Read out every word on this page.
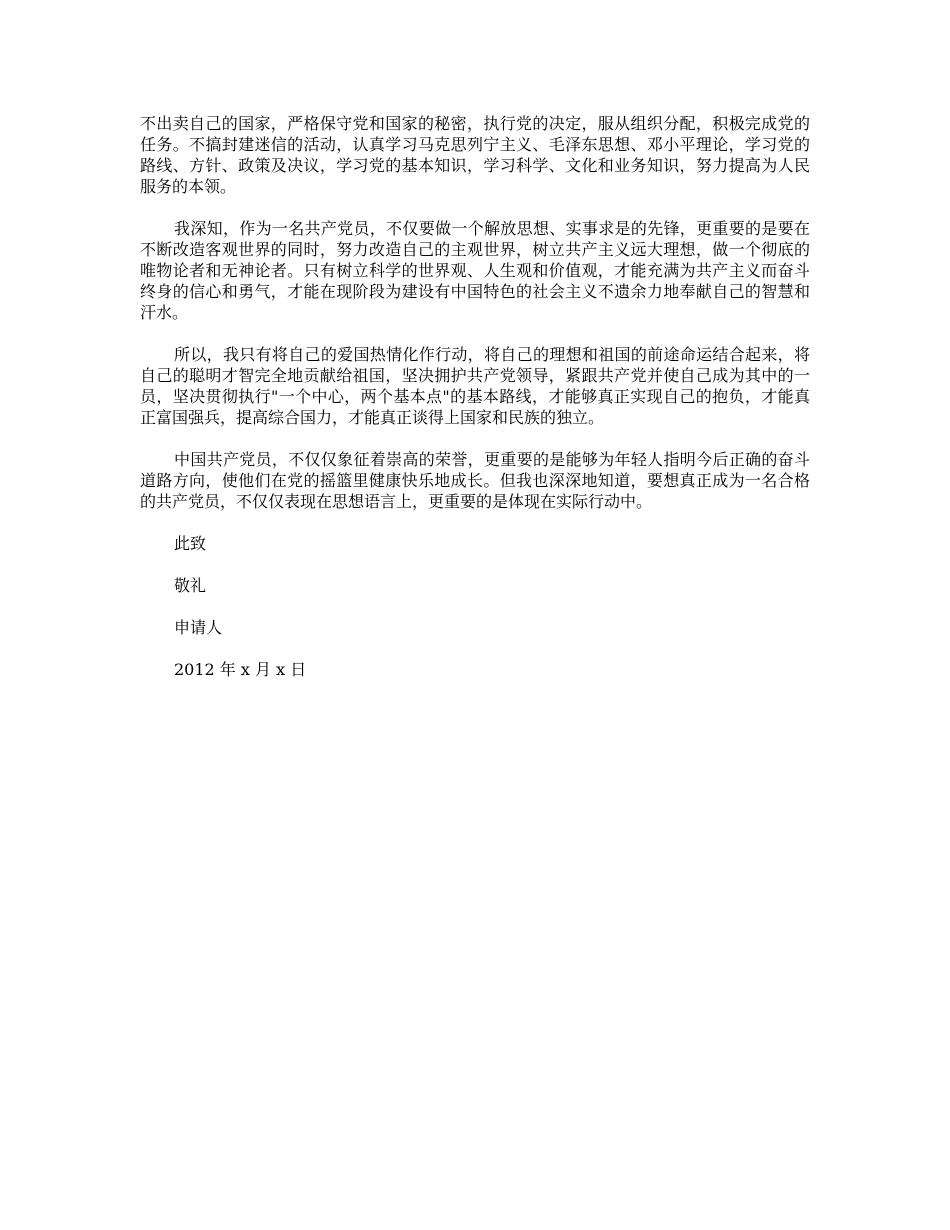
不出卖自己的国家，严格保守党和国家的秘密，执行党的决定，服从组织分配，积极完成党的任务。不搞封建迷信的活动，认真学习马克思列宁主义、毛泽东思想、邓小平理论，学习党的路线、方针、政策及决议，学习党的基本知识，学习科学、文化和业务知识，努力提高为人民服务的本领。

我深知，作为一名共产党员，不仅要做一个解放思想、实事求是的先锋，更重要的是要在不断改造客观世界的同时，努力改造自己的主观世界，树立共产主义远大理想，做一个彻底的唯物论者和无神论者。只有树立科学的世界观、人生观和价值观，才能充满为共产主义而奋斗终身的信心和勇气，才能在现阶段为建设有中国特色的社会主义不遗余力地奉献自己的智慧和汗水。

所以，我只有将自己的爱国热情化作行动，将自己的理想和祖国的前途命运结合起来，将自己的聪明才智完全地贡献给祖国，坚决拥护共产党领导，紧跟共产党并使自己成为其中的一员，坚决贯彻执行"一个中心，两个基本点"的基本路线，才能够真正实现自己的抱负，才能真正富国强兵，提高综合国力，才能真正谈得上国家和民族的独立。

中国共产党员，不仅仅象征着崇高的荣誉，更重要的是能够为年轻人指明今后正确的奋斗道路方向，使他们在党的摇篮里健康快乐地成长。但我也深深地知道，要想真正成为一名合格的共产党员，不仅仅表现在思想语言上，更重要的是体现在实际行动中。

此致
敬礼
申请人
2012 年 x 月 x 日
